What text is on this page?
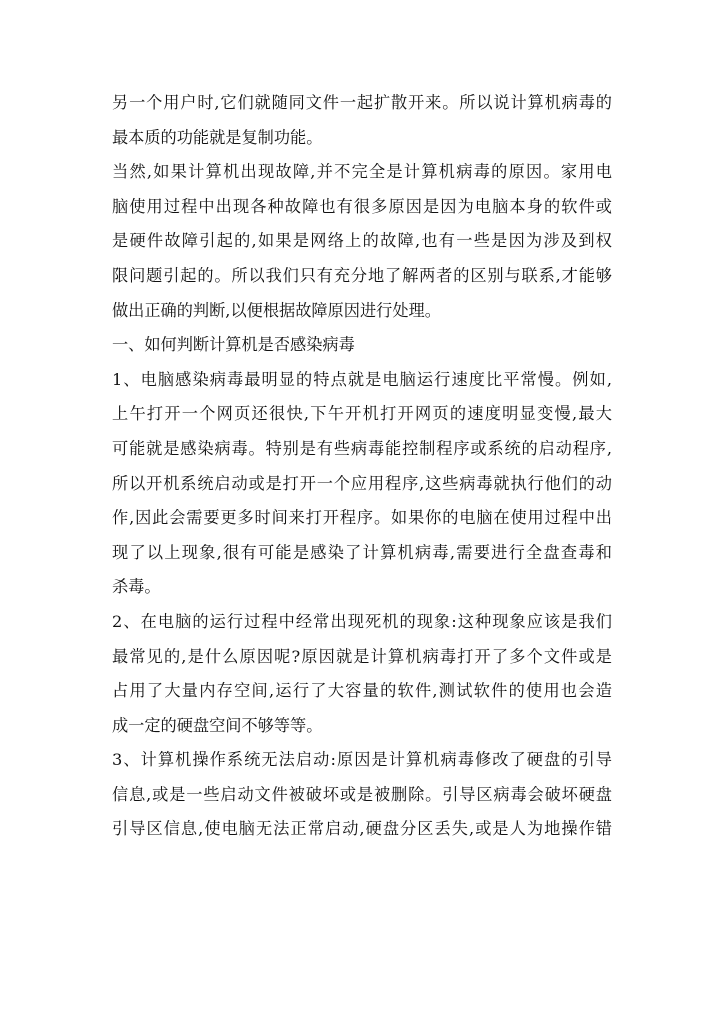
另一个用户时,它们就随同文件一起扩散开来。所以说计算机病毒的
最本质的功能就是复制功能。
当然,如果计算机出现故障,并不完全是计算机病毒的原因。家用电
脑使用过程中出现各种故障也有很多原因是因为电脑本身的软件或
是硬件故障引起的,如果是网络上的故障,也有一些是因为涉及到权
限问题引起的。所以我们只有充分地了解两者的区别与联系,才能够
做出正确的判断,以便根据故障原因进行处理。
一、如何判断计算机是否感染病毒
1、电脑感染病毒最明显的特点就是电脑运行速度比平常慢。例如,
上午打开一个网页还很快,下午开机打开网页的速度明显变慢,最大
可能就是感染病毒。特别是有些病毒能控制程序或系统的启动程序,
所以开机系统启动或是打开一个应用程序,这些病毒就执行他们的动
作,因此会需要更多时间来打开程序。如果你的电脑在使用过程中出
现了以上现象,很有可能是感染了计算机病毒,需要进行全盘查毒和
杀毒。
2、在电脑的运行过程中经常出现死机的现象:这种现象应该是我们
最常见的,是什么原因呢?原因就是计算机病毒打开了多个文件或是
占用了大量内存空间,运行了大容量的软件,测试软件的使用也会造
成一定的硬盘空间不够等等。
3、计算机操作系统无法启动:原因是计算机病毒修改了硬盘的引导
信息,或是一些启动文件被破坏或是被删除。引导区病毒会破坏硬盘
引导区信息,使电脑无法正常启动,硬盘分区丢失,或是人为地操作错
